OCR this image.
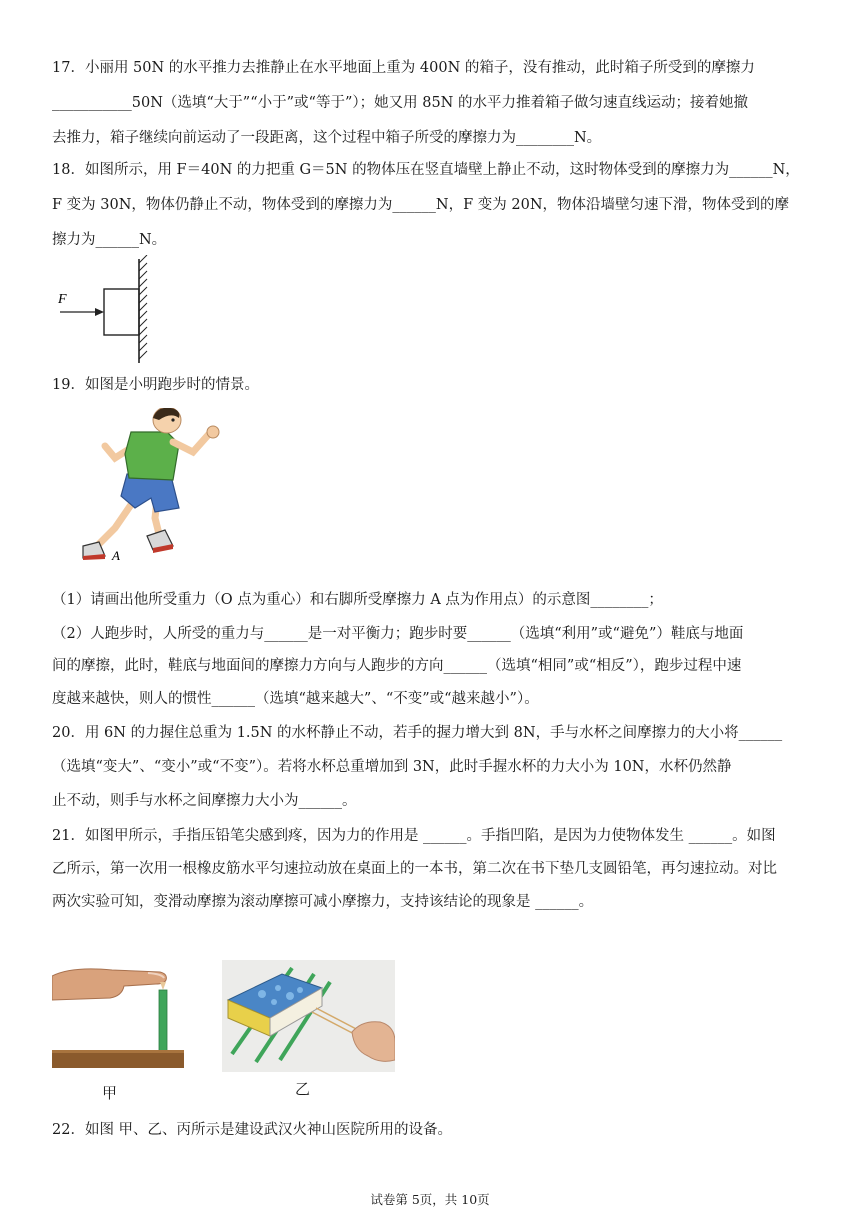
17．小丽用 50N 的水平推力去推静止在水平地面上重为 400N 的箱子，没有推动，此时箱子所受到的摩擦力
___________50N（选填“大于”“小于”或“等于”）；她又用 85N 的水平力推着箱子做匀速直线运动；接着她撤
去推力，箱子继续向前运动了一段距离，这个过程中箱子所受的摩擦力为________N。
18．如图所示，用 F＝40N 的力把重 G＝5N 的物体压在竖直墙壁上静止不动，这时物体受到的摩擦力为______N，
F 变为 30N，物体仍静止不动，物体受到的摩擦力为______N，F 变为 20N，物体沿墙壁匀速下滑，物体受到的摩
擦力为______N。
F
19．如图是小明跑步时的情景。
A
（1）请画出他所受重力（O 点为重心）和右脚所受摩擦力 A 点为作用点）的示意图________；
（2）人跑步时，人所受的重力与______是一对平衡力；跑步时要______（选填“利用”或“避免”）鞋底与地面
间的摩擦，此时，鞋底与地面间的摩擦力方向与人跑步的方向______（选填“相同”或“相反”），跑步过程中速
度越来越快，则人的惯性______（选填“越来越大”、“不变”或“越来越小”）。
20．用 6N 的力握住总重为 1.5N 的水杯静止不动，若手的握力增大到 8N，手与水杯之间摩擦力的大小将______
（选填“变大”、“变小”或“不变”）。若将水杯总重增加到 3N，此时手握水杯的力大小为 10N，水杯仍然静
止不动，则手与水杯之间摩擦力大小为______。
21．如图甲所示，手指压铅笔尖感到疼，因为力的作用是 ______。手指凹陷，是因为力使物体发生 ______。如图
乙所示，第一次用一根橡皮筋水平匀速拉动放在桌面上的一本书，第二次在书下垫几支圆铅笔，再匀速拉动。对比
两次实验可知，变滑动摩擦为滚动摩擦可减小摩擦力，支持该结论的现象是 ______。
甲	乙
22．如图 甲、乙、丙所示是建设武汉火神山医院所用的设备。
试卷第 5页，共 10页
